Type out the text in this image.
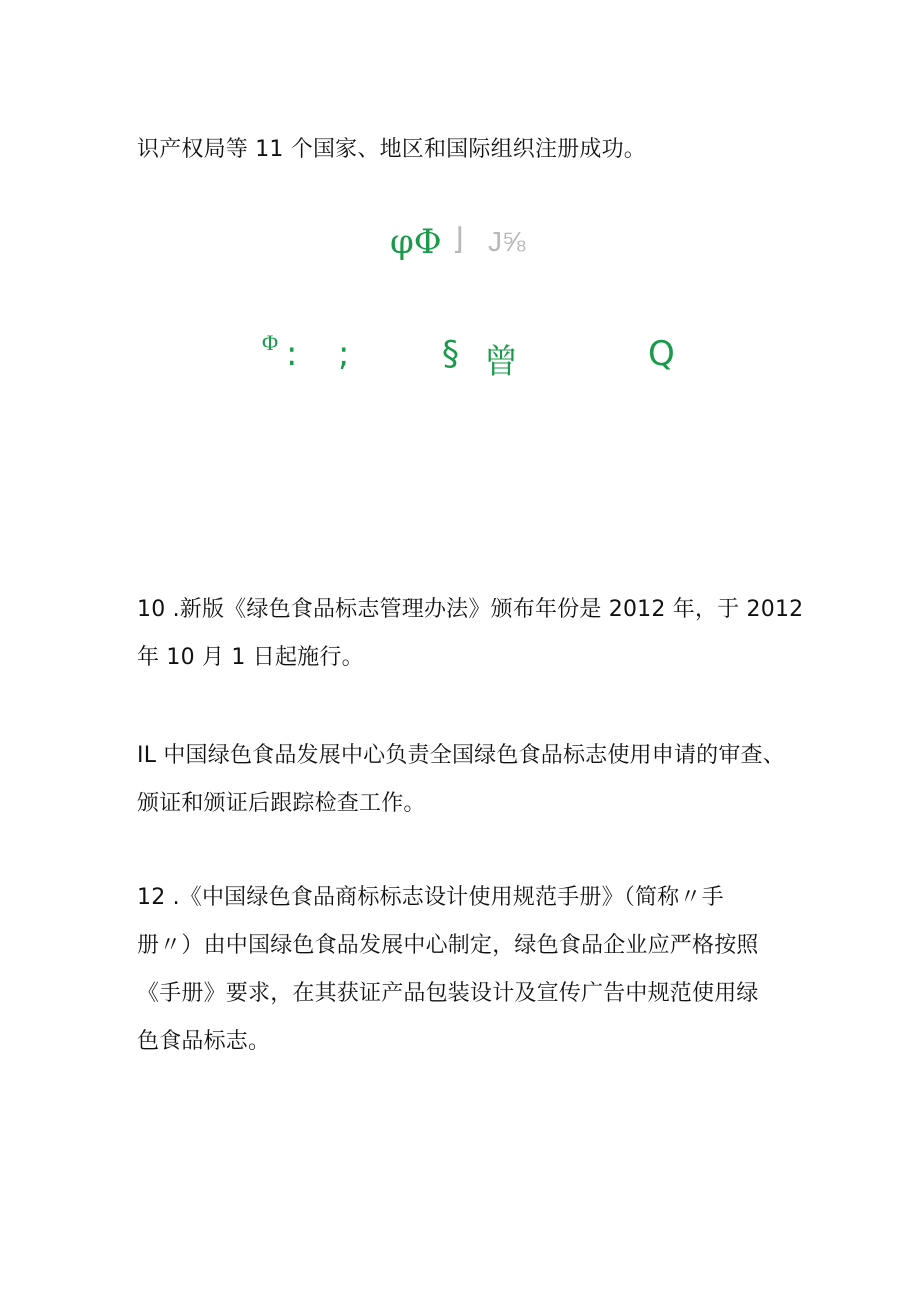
识产权局等 11 个国家、地区和国际组织注册成功。

φΦ ⌋ J⅝
Φ : ;	§ 曾	Q

10 .新版《绿色食品标志管理办法》颁布年份是 2012 年，于 2012
年 10 月 1 日起施行。

IL 中国绿色食品发展中心负责全国绿色食品标志使用申请的审查、
颁证和颁证后跟踪检查工作。

12 .《中国绿色食品商标标志设计使用规范手册》（简称〃手
册〃）由中国绿色食品发展中心制定，绿色食品企业应严格按照
《手册》要求，在其获证产品包装设计及宣传广告中规范使用绿
色食品标志。
